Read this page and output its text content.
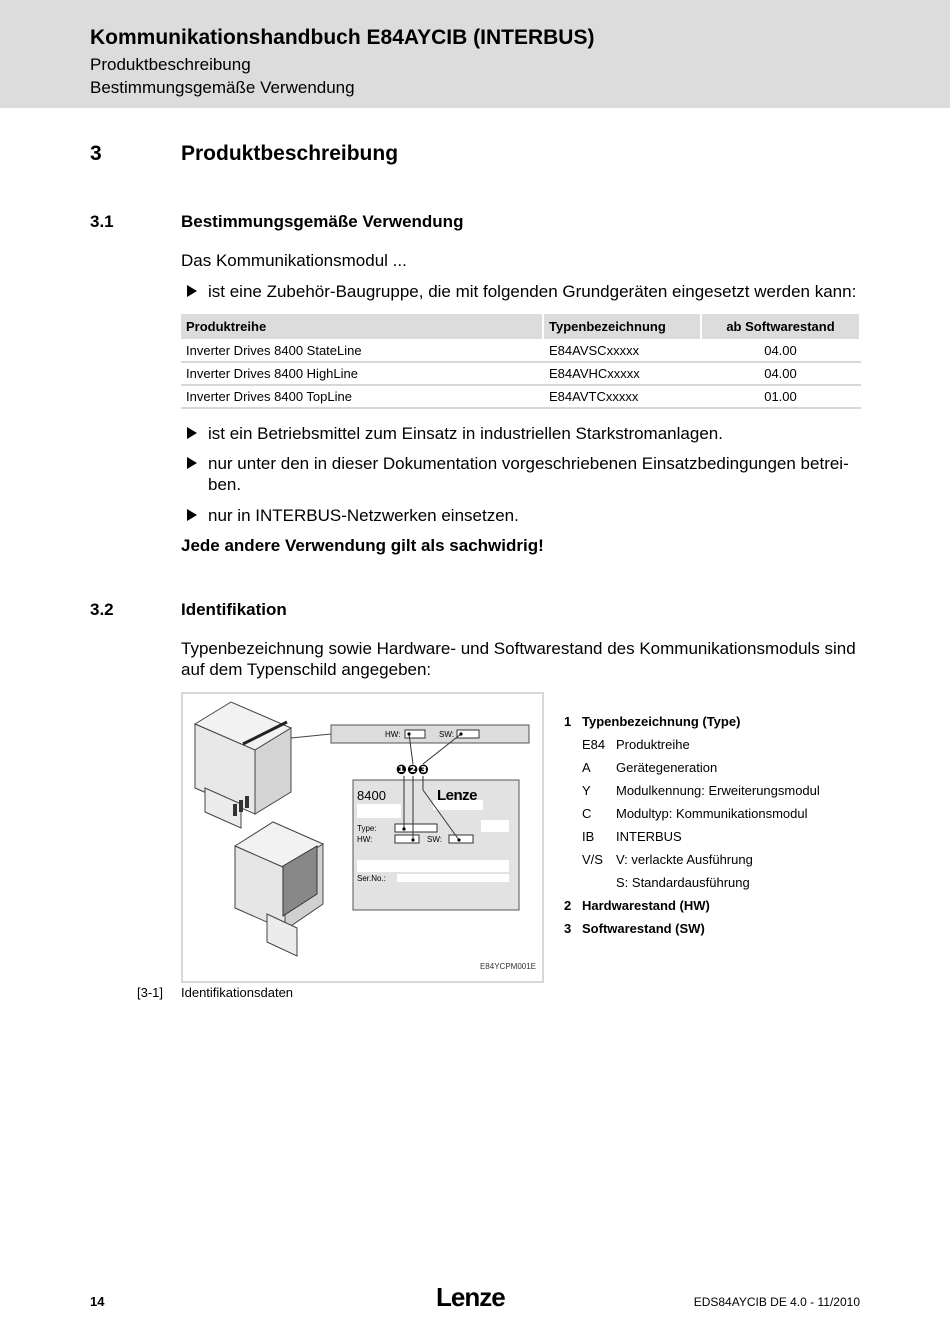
Kommunikationshandbuch E84AYCIB (INTERBUS)
Produktbeschreibung
Bestimmungsgemäße Verwendung
3	Produktbeschreibung
3.1	Bestimmungsgemäße Verwendung
Das Kommunikationsmodul ...
ist eine Zubehör-Baugruppe, die mit folgenden Grundgeräten eingesetzt werden kann:
Produktreihe	Typenbezeichnung	ab Softwarestand
Inverter Drives 8400 StateLine	E84AVSCxxxxx	04.00
Inverter Drives 8400 HighLine	E84AVHCxxxxx	04.00
Inverter Drives 8400 TopLine	E84AVTCxxxxx	01.00
ist ein Betriebsmittel zum Einsatz in industriellen Starkstromanlagen.
nur unter den in dieser Dokumentation vorgeschriebenen Einsatzbedingungen betrei-ben.
nur in INTERBUS-Netzwerken einsetzen.
Jede andere Verwendung gilt als sachwidrig!
3.2	Identifikation
Typenbezeichnung sowie Hardware- und Softwarestand des Kommunikationsmoduls sind auf dem Typenschild angegeben:
HW:	SW:
❶❷❸
8400	Lenze
Type:
HW:	SW:
Ser.No.:
E84YCPM001E
1 Typenbezeichnung (Type)
E84 Produktreihe
A Gerätegeneration
Y Modulkennung: Erweiterungsmodul
C Modultyp: Kommunikationsmodul
IB INTERBUS
V/S V: verlackte Ausführung
S: Standardausführung
2 Hardwarestand (HW)
3 Softwarestand (SW)
[3-1] Identifikationsdaten
14	Lenze	EDS84AYCIB DE 4.0 - 11/2010
